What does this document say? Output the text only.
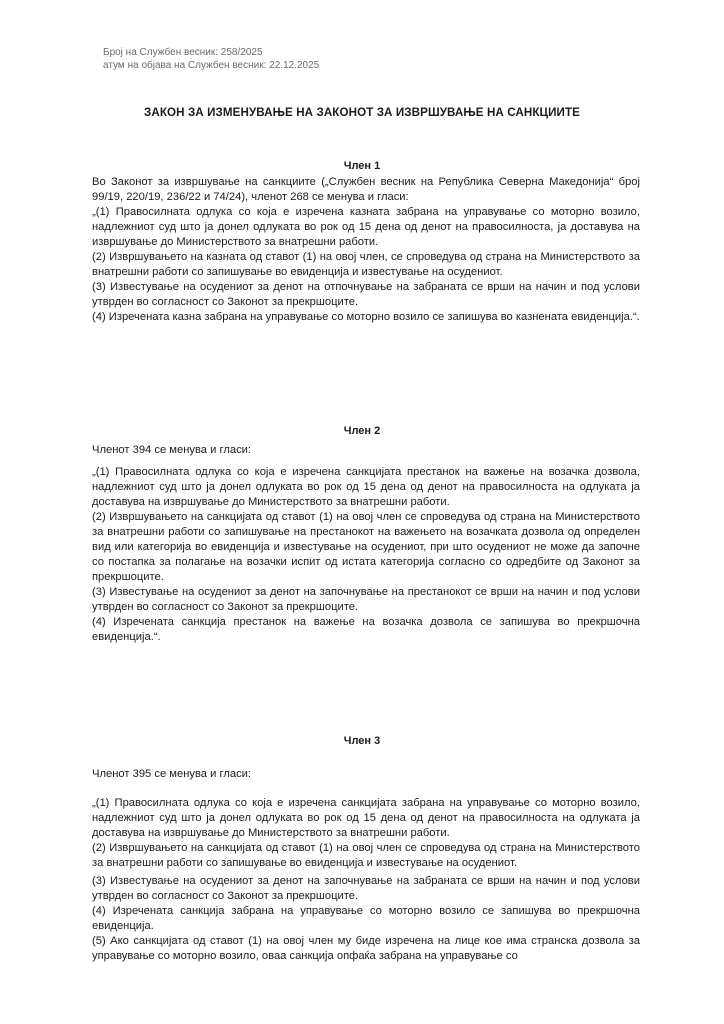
Број на Службен весник: 258/2025
атум на објава на Службен весник: 22.12.2025
ЗАКОН ЗА ИЗМЕНУВАЊЕ НА ЗАКОНОТ ЗА ИЗВРШУВАЊЕ НА САНКЦИИТЕ
Член 1

Во Законот за извршување на санкциите („Службен весник на Република Северна Македонија“ број 99/19, 220/19, 236/22 и 74/24), членот 268 се менува и гласи:

„(1) Правосилната одлука со која е изречена казната забрана на управување со моторно возило, надлежниот суд што ја донел одлуката во рок од 15 дена од денот на правосилноста, ја доставува на извршување до Министерството за внатрешни работи.

(2) Извршувањето на казната од ставот (1) на овој член, се спроведува од страна на Министерството за внатрешни работи со запишување во евиденција и известување на осудениот.

(3) Известување на осудениот за денот на отпочнување на забраната се врши на начин и под услови утврден во согласност со Законот за прекршоците.

(4) Изречената казна забрана на управување со моторно возило се запишува во казнената евиденција.“.

Член 2

Членот 394 се менува и гласи:

„(1) Правосилната одлука со која е изречена санкцијата престанок на важење на возачка дозвола, надлежниот суд што ја донел одлуката во рок од 15 дена од денот на правосилноста на одлуката ја доставува на извршување до Министерството за внатрешни работи.

(2) Извршувањето на санкцијата од ставот (1) на овој член се спроведува од страна на Министерството за внатрешни работи со запишување на престанокот на важењето на возачката дозвола од определен вид или категорија во евиденција и известување на осудениот, при што осудениот не може да започне со постапка за полагање на возачки испит од истата категорија согласно со одредбите од Законот за прекршоците.

(3) Известување на осудениот за денот на започнување на престанокот се врши на начин и под услови утврден во согласност со Законот за прекршоците.

(4) Изречената санкција престанок на важење на возачка дозвола се запишува во прекршочна евиденција.“.

Член 3

Членот 395 се менува и гласи:

„(1) Правосилната одлука со која е изречена санкцијата забрана на управување со моторно возило, надлежниот суд што ја донел одлуката во рок од 15 дена од денот на правосилноста на одлуката ја доставува на извршување до Министерството за внатрешни работи.

(2) Извршувањето на санкцијата од ставот (1) на овој член се спроведува од страна на Министерството за внатрешни работи со запишување во евиденција и известување на осудениот.

(3) Известување на осудениот за денот на започнување на забраната се врши на начин и под услови утврден во согласност со Законот за прекршоците.

(4) Изречената санкција забрана на управување со моторно возило се запишува во прекршочна евиденција.

(5) Ако санкцијата од ставот (1) на овој член му биде изречена на лице кое има странска дозвола за управување со моторно возило, оваа санкција опфаќа забрана на управување со
